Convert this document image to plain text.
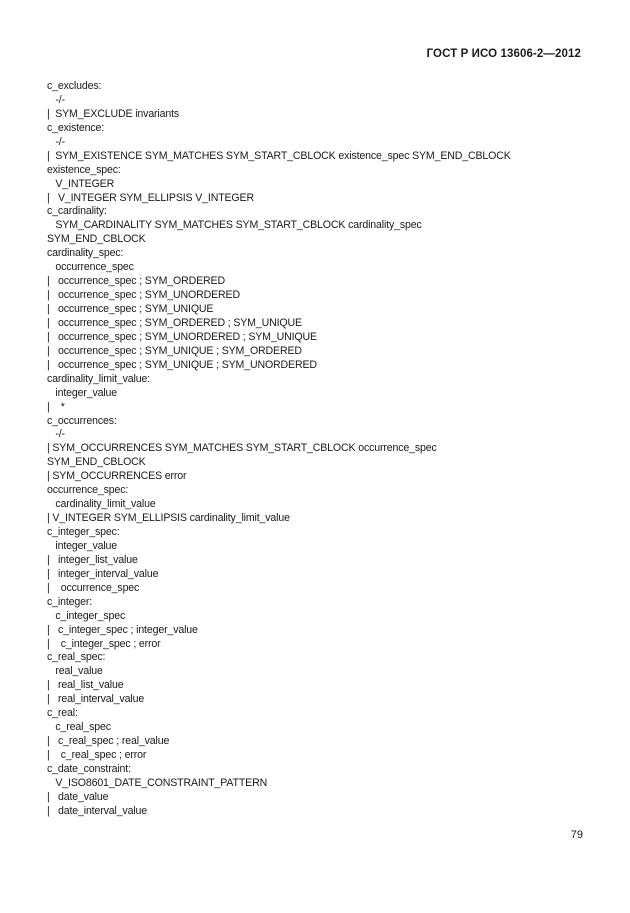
ГОСТ Р ИСО 13606-2—2012
c_excludes:
-/-
|  SYM_EXCLUDE invariants
c_existence:
-/-
|  SYM_EXISTENCE SYM_MATCHES SYM_START_CBLOCK existence_spec SYM_END_CBLOCK
existence_spec:
V_INTEGER
|   V_INTEGER SYM_ELLIPSIS V_INTEGER
c_cardinality:
SYM_CARDINALITY SYM_MATCHES SYM_START_CBLOCK cardinality_spec
SYM_END_CBLOCK
cardinality_spec:
occurrence_spec
|   occurrence_spec ; SYM_ORDERED
|   occurrence_spec ; SYM_UNORDERED
|   occurrence_spec ; SYM_UNIQUE
|   occurrence_spec ; SYM_ORDERED ; SYM_UNIQUE
|   occurrence_spec ; SYM_UNORDERED ; SYM_UNIQUE
|   occurrence_spec ; SYM_UNIQUE ; SYM_ORDERED
|   occurrence_spec ; SYM_UNIQUE ; SYM_UNORDERED
cardinality_limit_value:
integer_value
|    *
c_occurrences:
-/-
| SYM_OCCURRENCES SYM_MATCHES SYM_START_CBLOCK occurrence_spec
SYM_END_CBLOCK
| SYM_OCCURRENCES error
occurrence_spec:
cardinality_limit_value
| V_INTEGER SYM_ELLIPSIS cardinality_limit_value
c_integer_spec:
integer_value
|   integer_list_value
|   integer_interval_value
|    occurrence_spec
c_integer:
c_integer_spec
|   c_integer_spec ; integer_value
|    c_integer_spec ; error
c_real_spec:
real_value
|   real_list_value
|   real_interval_value
c_real:
c_real_spec
|   c_real_spec ; real_value
|    c_real_spec ; error
c_date_constraint:
V_ISO8601_DATE_CONSTRAINT_PATTERN
|   date_value
|   date_interval_value
79
